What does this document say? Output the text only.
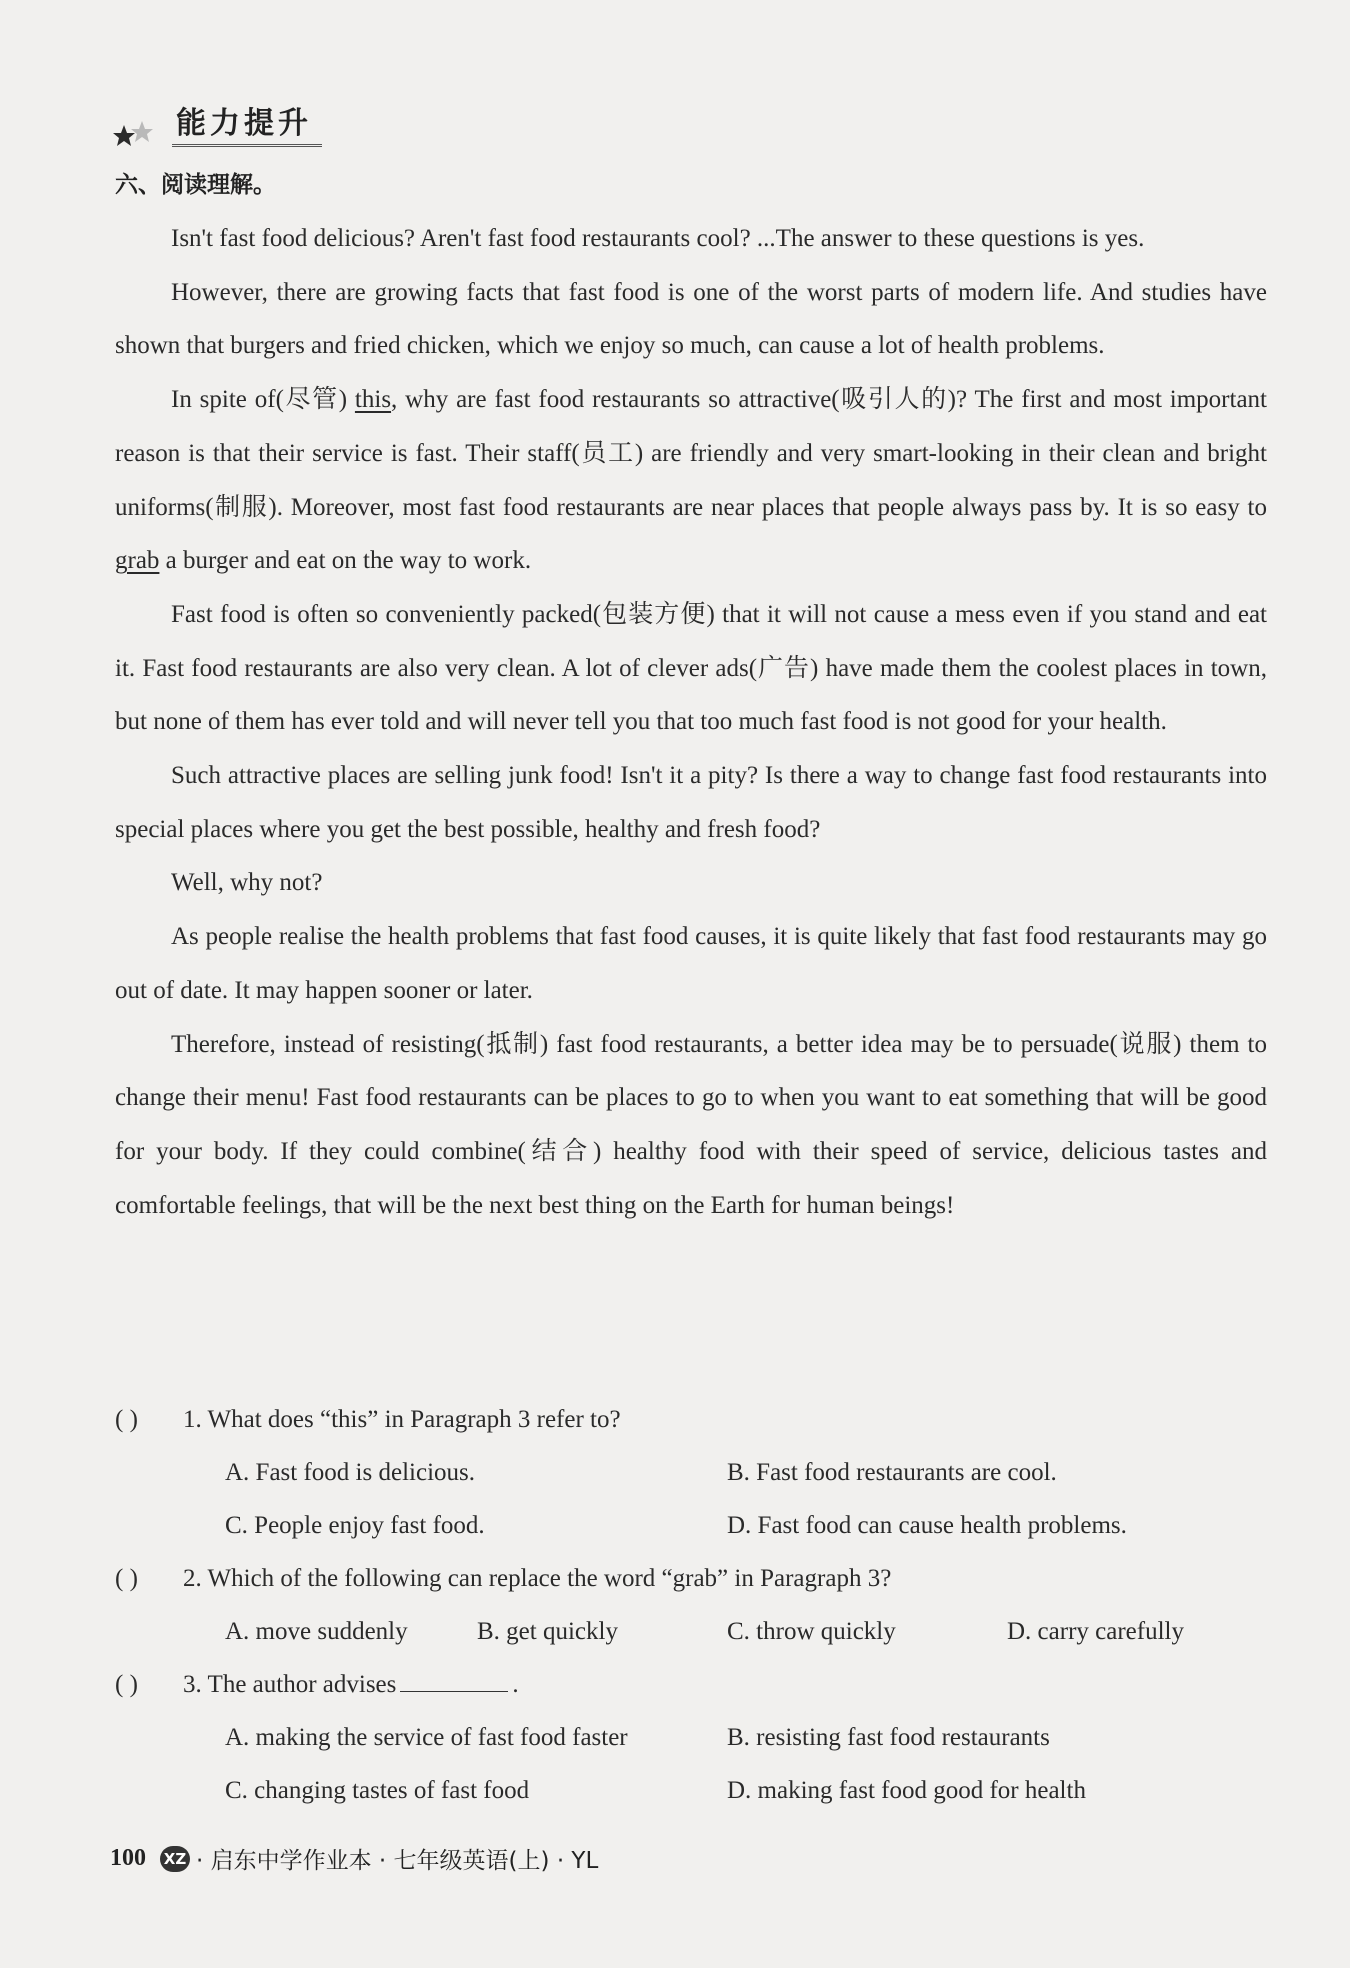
能力提升
六、阅读理解。

Isn't fast food delicious? Aren't fast food restaurants cool? ...The answer to these questions is yes.

However, there are growing facts that fast food is one of the worst parts of modern life. And studies have shown that burgers and fried chicken, which we enjoy so much, can cause a lot of health problems.

In spite of(尽管) this, why are fast food restaurants so attractive(吸引人的)? The first and most important reason is that their service is fast. Their staff(员工) are friendly and very smart-looking in their clean and bright uniforms(制服). Moreover, most fast food restaurants are near places that people always pass by. It is so easy to grab a burger and eat on the way to work.

Fast food is often so conveniently packed(包装方便) that it will not cause a mess even if you stand and eat it. Fast food restaurants are also very clean. A lot of clever ads(广告) have made them the coolest places in town, but none of them has ever told and will never tell you that too much fast food is not good for your health.

Such attractive places are selling junk food! Isn't it a pity? Is there a way to change fast food restaurants into special places where you get the best possible, healthy and fresh food?

Well, why not?

As people realise the health problems that fast food causes, it is quite likely that fast food restaurants may go out of date. It may happen sooner or later.

Therefore, instead of resisting(抵制) fast food restaurants, a better idea may be to persuade(说服) them to change their menu! Fast food restaurants can be places to go to when you want to eat something that will be good for your body. If they could combine(结合) healthy food with their speed of service, delicious tastes and comfortable feelings, that will be the next best thing on the Earth for human beings!

( )	1. What does “this” in Paragraph 3 refer to?
A. Fast food is delicious.	B. Fast food restaurants are cool.
C. People enjoy fast food.	D. Fast food can cause health problems.
( )	2. Which of the following can replace the word “grab” in Paragraph 3?
A. move suddenly	B. get quickly	C. throw quickly	D. carry carefully
( )	3. The author advises	.
A. making the service of fast food faster	B. resisting fast food restaurants
C. changing tastes of fast food	D. making fast food good for health
100 XZ · 启东中学作业本 · 七年级英语(上) · YL
